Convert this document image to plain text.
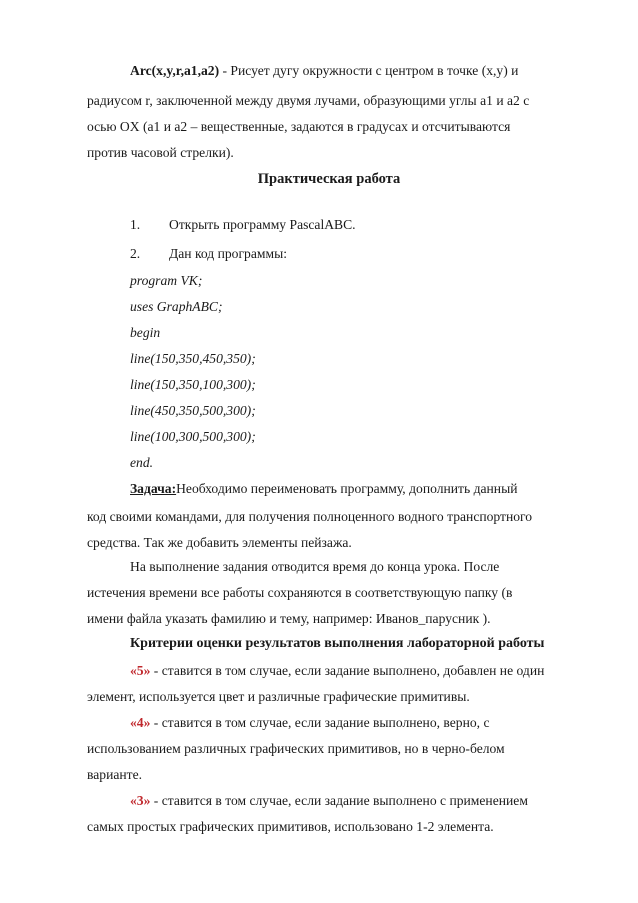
Arc(x,y,r,a1,a2) - Рисует дугу окружности с центром в точке (x,y) и
радиусом r, заключенной между двумя лучами, образующими углы a1 и a2 с
осью OX (a1 и a2 – вещественные, задаются в градусах и отсчитываются
против часовой стрелки).
Практическая работа
1. Открыть программу PascalABC.
2. Дан код программы:
program VK;
uses GraphABC;
begin
line(150,350,450,350);
line(150,350,100,300);
line(450,350,500,300);
line(100,300,500,300);
end.
Задача:Необходимо переименовать программу, дополнить данный
код своими командами, для получения полноценного водного транспортного
средства. Так же добавить элементы пейзажа.
На выполнение задания отводится время до конца урока. После
истечения времени все работы сохраняются в соответствующую папку (в
имени файла указать фамилию и тему, например: Иванов_парусник ).
Критерии оценки результатов выполнения лабораторной работы
«5» - ставится в том случае, если задание выполнено, добавлен не один
элемент, используется цвет и различные графические примитивы.
«4» - ставится в том случае, если задание выполнено, верно, с
использованием различных графических примитивов, но в черно-белом
варианте.
«3» - ставится в том случае, если задание выполнено с применением
самых простых графических примитивов, использовано 1-2 элемента.
